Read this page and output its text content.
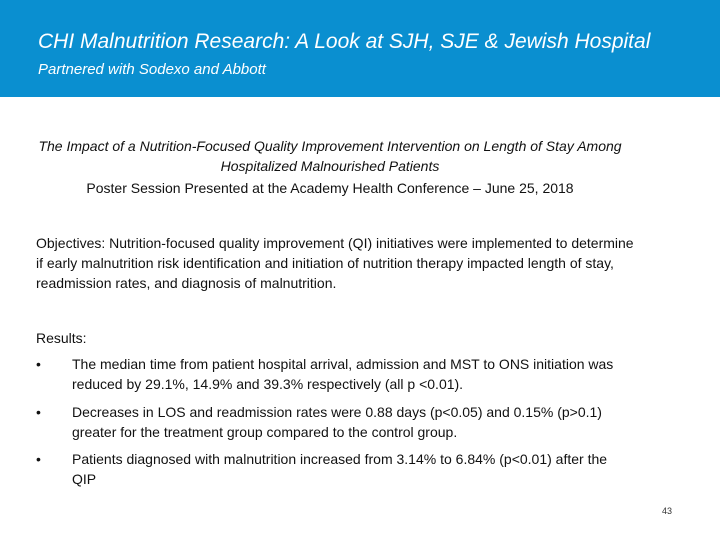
CHI Malnutrition Research: A Look at SJH, SJE & Jewish Hospital
Partnered with Sodexo and Abbott
The Impact of a Nutrition-Focused Quality Improvement Intervention on Length of Stay Among Hospitalized Malnourished Patients
Poster Session Presented at the Academy Health Conference – June 25, 2018
Objectives: Nutrition-focused quality improvement (QI) initiatives were implemented to determine if early malnutrition risk identification and initiation of nutrition therapy impacted length of stay, readmission rates, and diagnosis of malnutrition.
Results:
•	The median time from patient hospital arrival, admission and MST to ONS initiation was reduced by 29.1%, 14.9% and 39.3% respectively (all p <0.01).
•	Decreases in LOS and readmission rates were 0.88 days (p<0.05) and 0.15% (p>0.1) greater for the treatment group compared to the control group.
•	Patients diagnosed with malnutrition increased from 3.14% to 6.84% (p<0.01) after the QIP
43
